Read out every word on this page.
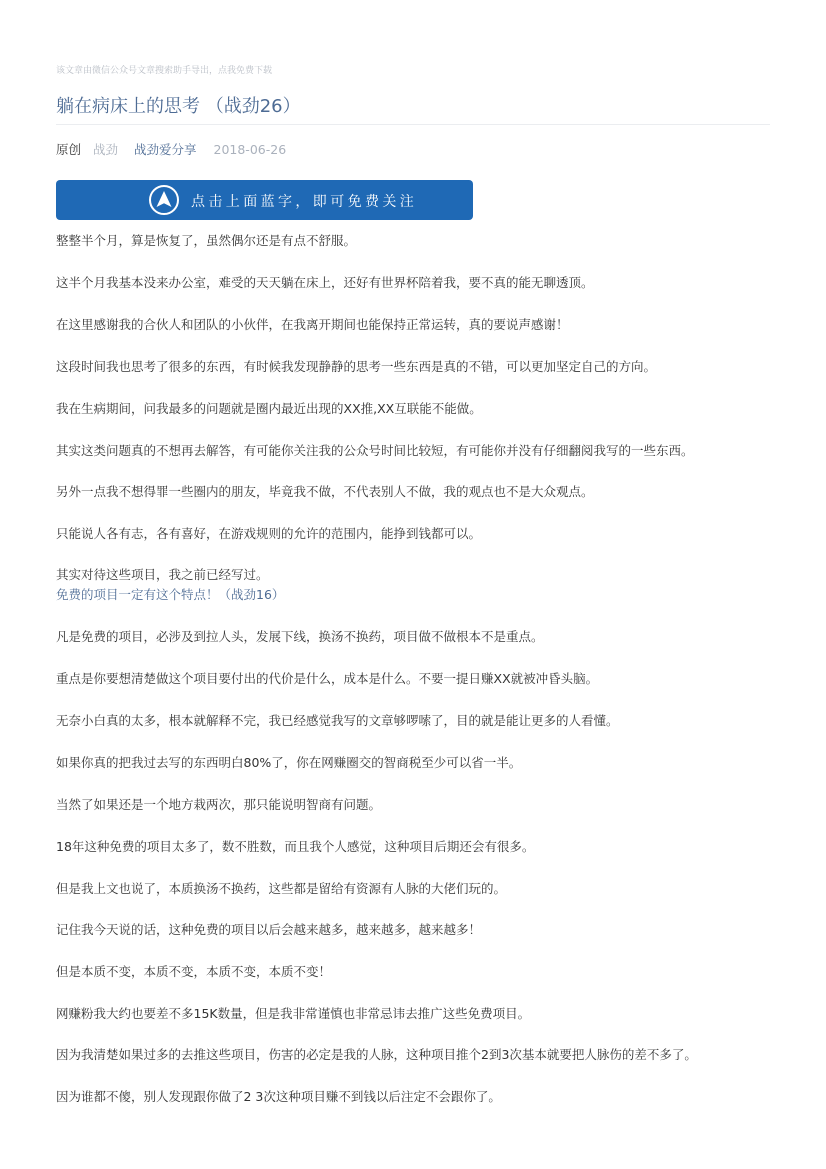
该文章由微信公众号文章搜索助手导出，点我免费下载
躺在病床上的思考 （战劲26）
原创 战劲 战劲爱分享 2018-06-26
点击上面蓝字，即可免费关注

整整半个月，算是恢复了，虽然偶尔还是有点不舒服。

这半个月我基本没来办公室，难受的天天躺在床上，还好有世界杯陪着我，要不真的能无聊透顶。

在这里感谢我的合伙人和团队的小伙伴，在我离开期间也能保持正常运转，真的要说声感谢！

这段时间我也思考了很多的东西，有时候我发现静静的思考一些东西是真的不错，可以更加坚定自己的方向。

我在生病期间，问我最多的问题就是圈内最近出现的XX推,XX互联能不能做。

其实这类问题真的不想再去解答，有可能你关注我的公众号时间比较短，有可能你并没有仔细翻阅我写的一些东西。

另外一点我不想得罪一些圈内的朋友，毕竟我不做，不代表别人不做，我的观点也不是大众观点。

只能说人各有志，各有喜好，在游戏规则的允许的范围内，能挣到钱都可以。

其实对待这些项目，我之前已经写过。

免费的项目一定有这个特点！（战劲16）

凡是免费的项目，必涉及到拉人头，发展下线，换汤不换药，项目做不做根本不是重点。

重点是你要想清楚做这个项目要付出的代价是什么，成本是什么。不要一提日赚XX就被冲昏头脑。

无奈小白真的太多，根本就解释不完，我已经感觉我写的文章够啰嗦了，目的就是能让更多的人看懂。

如果你真的把我过去写的东西明白80%了，你在网赚圈交的智商税至少可以省一半。

当然了如果还是一个地方栽两次，那只能说明智商有问题。

18年这种免费的项目太多了，数不胜数，而且我个人感觉，这种项目后期还会有很多。

但是我上文也说了，本质换汤不换药，这些都是留给有资源有人脉的大佬们玩的。

记住我今天说的话，这种免费的项目以后会越来越多，越来越多，越来越多！

但是本质不变，本质不变，本质不变，本质不变！

网赚粉我大约也要差不多15K数量，但是我非常谨慎也非常忌讳去推广这些免费项目。

因为我清楚如果过多的去推这些项目，伤害的必定是我的人脉，这种项目推个2到3次基本就要把人脉伤的差不多了。

因为谁都不傻，别人发现跟你做了2 3次这种项目赚不到钱以后注定不会跟你了。
